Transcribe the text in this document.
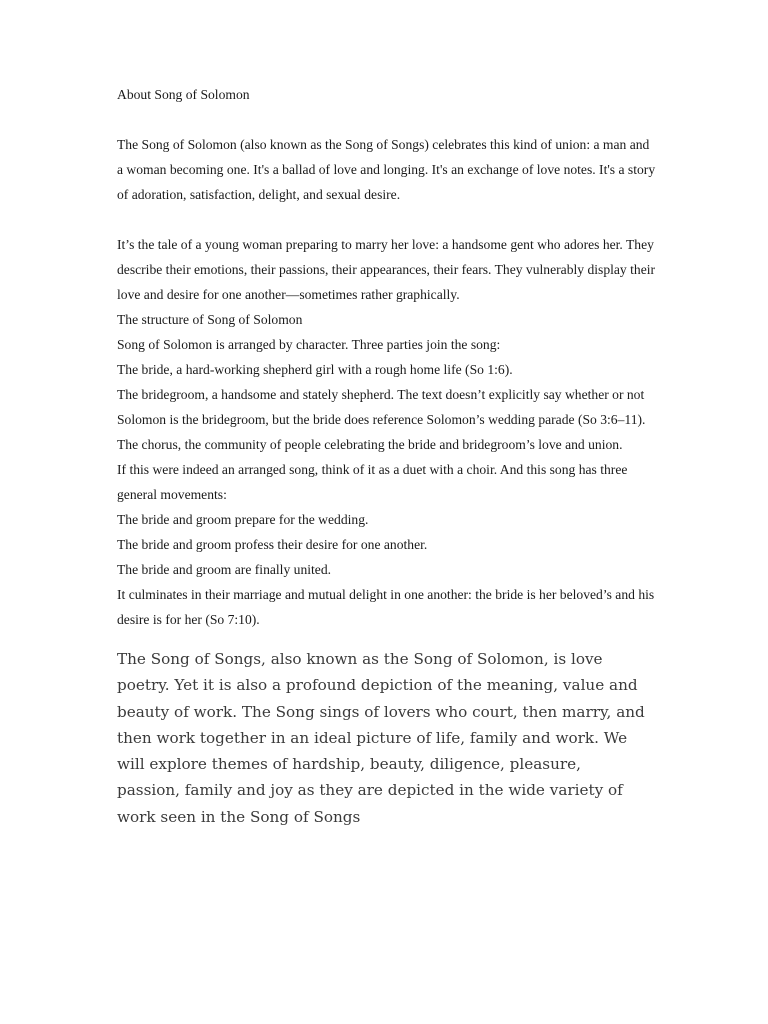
About Song of Solomon

The Song of Solomon (also known as the Song of Songs) celebrates this kind of union: a man and a woman becoming one. It's a ballad of love and longing. It's an exchange of love notes. It's a story of adoration, satisfaction, delight, and sexual desire.

It’s the tale of a young woman preparing to marry her love: a handsome gent who adores her. They describe their emotions, their passions, their appearances, their fears. They vulnerably display their love and desire for one another—sometimes rather graphically.

The structure of Song of Solomon

Song of Solomon is arranged by character. Three parties join the song:

The bride, a hard-working shepherd girl with a rough home life (So 1:6).

The bridegroom, a handsome and stately shepherd. The text doesn’t explicitly say whether or not Solomon is the bridegroom, but the bride does reference Solomon’s wedding parade (So 3:6–11).

The chorus, the community of people celebrating the bride and bridegroom’s love and union.

If this were indeed an arranged song, think of it as a duet with a choir. And this song has three general movements:

The bride and groom prepare for the wedding.

The bride and groom profess their desire for one another.

The bride and groom are finally united.

It culminates in their marriage and mutual delight in one another: the bride is her beloved’s and his desire is for her (So 7:10).

The Song of Songs, also known as the Song of Solomon, is love poetry. Yet it is also a profound depiction of the meaning, value and beauty of work. The Song sings of lovers who court, then marry, and then work together in an ideal picture of life, family and work. We will explore themes of hardship, beauty, diligence, pleasure, passion, family and joy as they are depicted in the wide variety of work seen in the Song of Songs
